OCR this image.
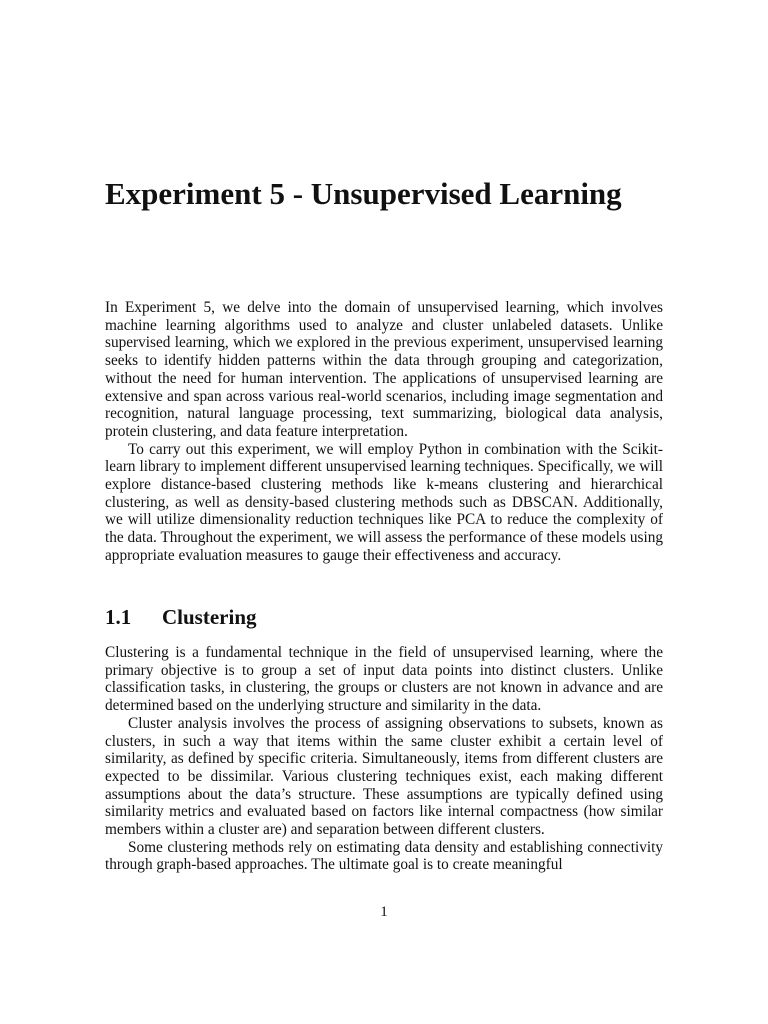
Experiment 5 - Unsupervised Learning

In Experiment 5, we delve into the domain of unsupervised learning, which involves machine learning algorithms used to analyze and cluster unlabeled datasets. Unlike supervised learning, which we explored in the previous experiment, unsupervised learning seeks to identify hidden patterns within the data through grouping and categorization, without the need for human intervention. The applications of unsupervised learning are extensive and span across various real-world scenarios, including image segmentation and recognition, natural language processing, text summarizing, biological data analysis, protein clustering, and data feature interpretation.

To carry out this experiment, we will employ Python in combination with the Scikit-learn library to implement different unsupervised learning techniques. Specifically, we will explore distance-based clustering methods like k-means clustering and hierarchical clustering, as well as density-based clustering methods such as DBSCAN. Additionally, we will utilize dimensionality reduction techniques like PCA to reduce the complexity of the data. Throughout the experiment, we will assess the performance of these models using appropriate evaluation measures to gauge their effectiveness and accuracy.

1.1 Clustering

Clustering is a fundamental technique in the field of unsupervised learning, where the primary objective is to group a set of input data points into distinct clusters. Unlike classification tasks, in clustering, the groups or clusters are not known in advance and are determined based on the underlying structure and similarity in the data.

Cluster analysis involves the process of assigning observations to subsets, known as clusters, in such a way that items within the same cluster exhibit a certain level of similarity, as defined by specific criteria. Simultaneously, items from different clusters are expected to be dissimilar. Various clustering techniques exist, each making different assumptions about the data’s structure. These assumptions are typically defined using similarity metrics and evaluated based on factors like internal compactness (how similar members within a cluster are) and separation between different clusters.

Some clustering methods rely on estimating data density and establishing connectivity through graph-based approaches. The ultimate goal is to create meaningful

1
